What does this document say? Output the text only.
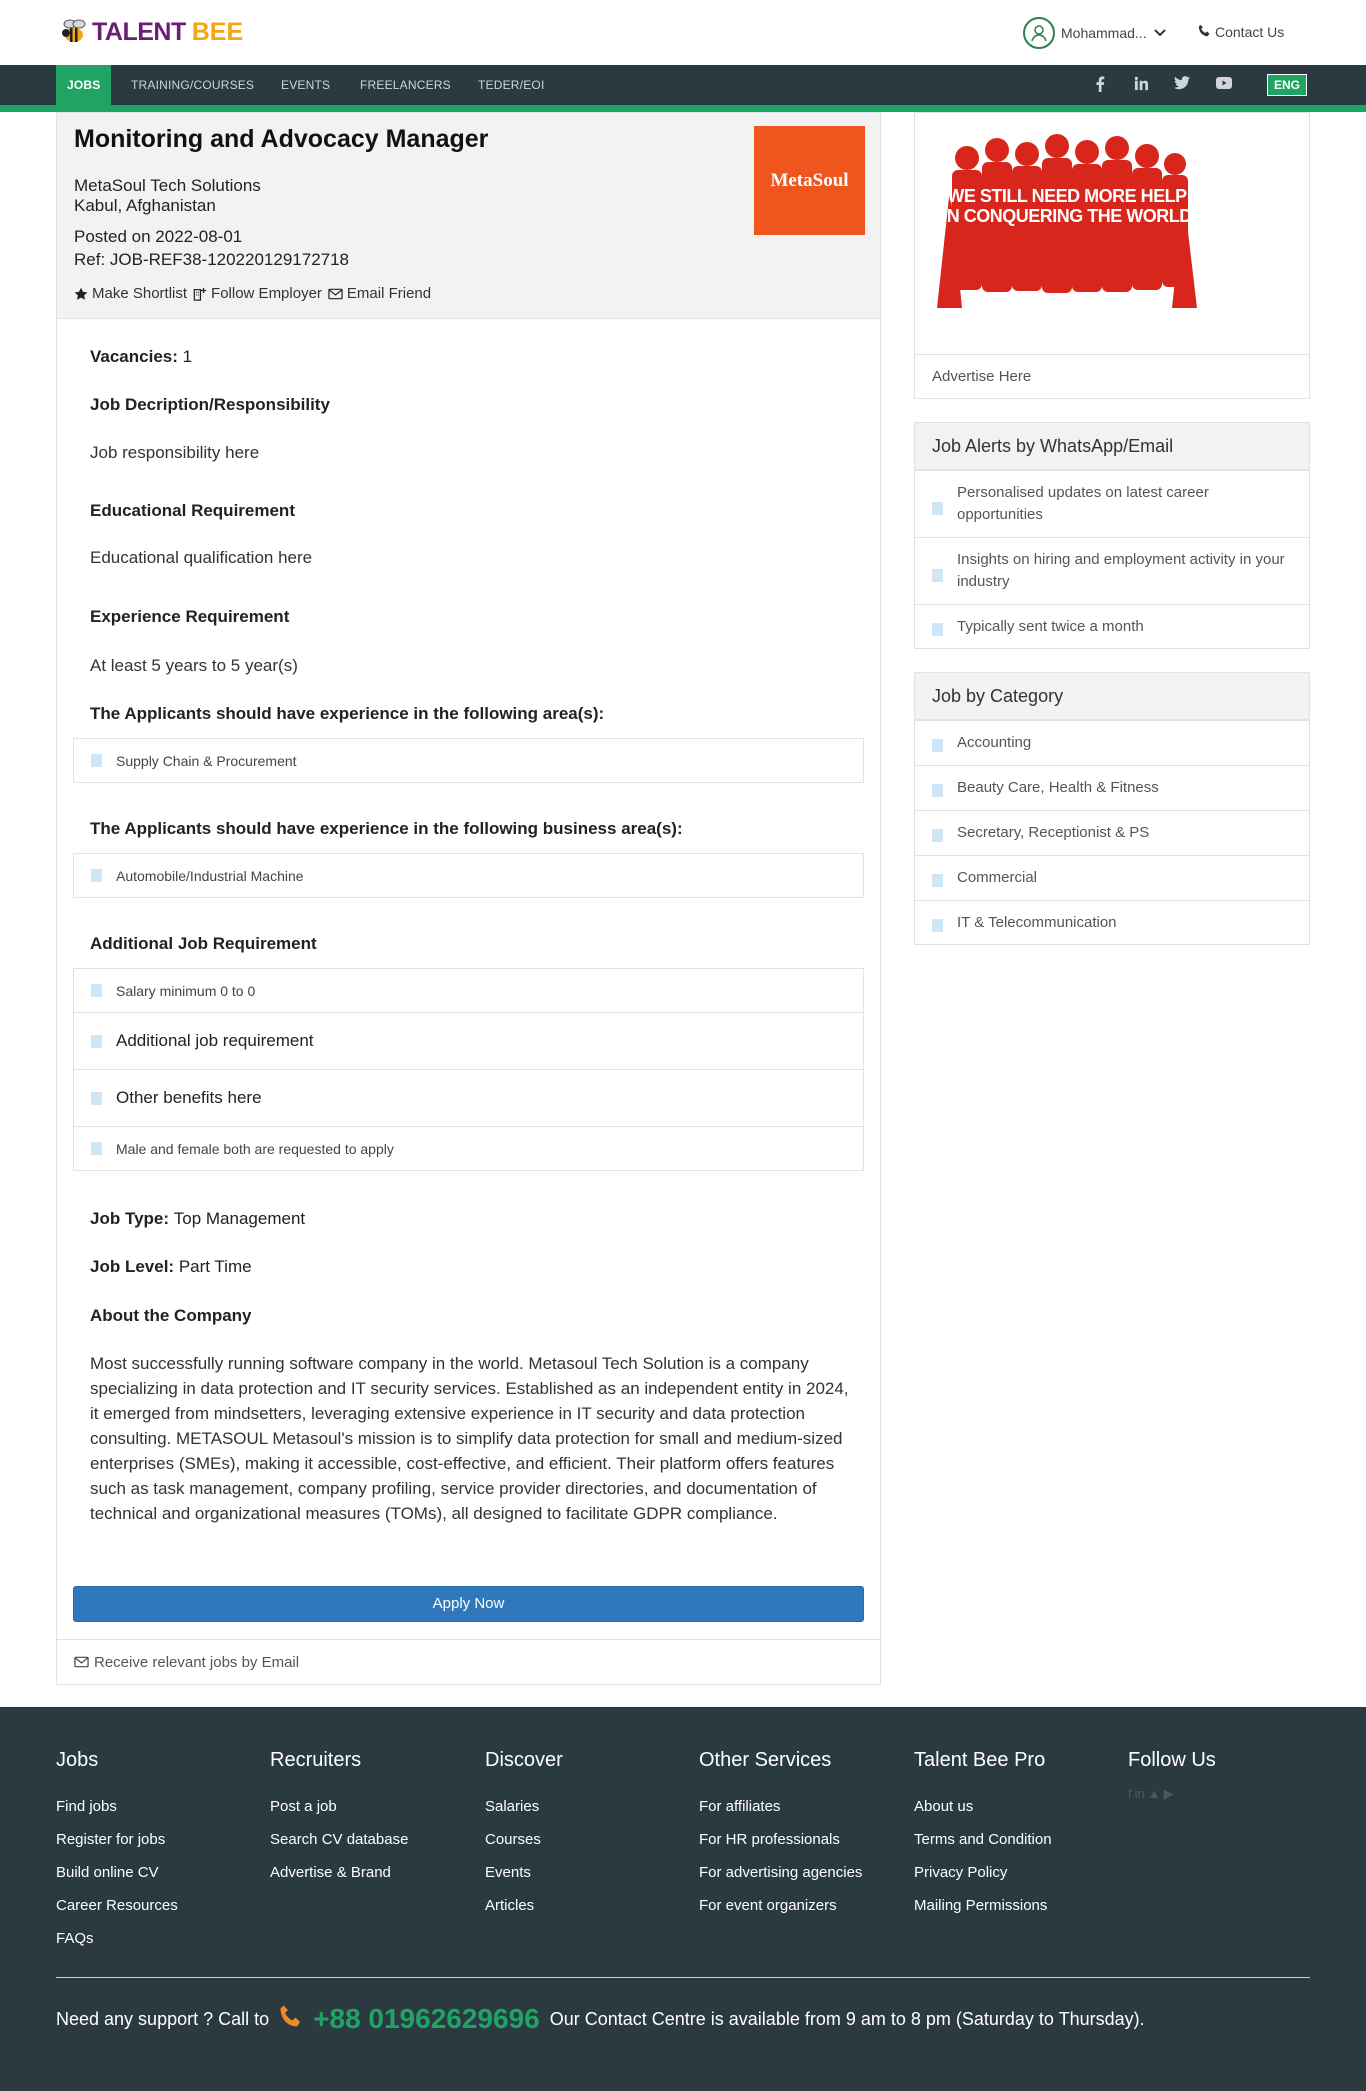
TALENT BEE	Mohammad...	Contact Us
JOBS	TRAINING/COURSES EVENTS FREELANCERS TEDER/EOI	ENG
Monitoring and Advocacy Manager
MetaSoul
MetaSoul Tech Solutions
Kabul, Afghanistan
Posted on 2022-08-01
Ref: JOB-REF38-120220129172718
Make Shortlist Follow Employer Email Friend
Vacancies: 1
Job Decription/Responsibility
Job responsibility here
Educational Requirement
Educational qualification here
Experience Requirement
At least 5 years to 5 year(s)
The Applicants should have experience in the following area(s):
Supply Chain & Procurement
The Applicants should have experience in the following business area(s):
Automobile/Industrial Machine
Additional Job Requirement
Salary minimum 0 to 0
Additional job requirement
Other benefits here
Male and female both are requested to apply
Job Type: Top Management
Job Level: Part Time
About the Company
Most successfully running software company in the world. Metasoul Tech Solution is a company specializing in data protection and IT security services. Established as an independent entity in 2024, it emerged from mindsetters, leveraging extensive experience in IT security and data protection consulting. METASOUL Metasoul's mission is to simplify data protection for small and medium-sized enterprises (SMEs), making it accessible, cost-effective, and efficient. Their platform offers features such as task management, company profiling, service provider directories, and documentation of technical and organizational measures (TOMs), all designed to facilitate GDPR compliance.
Apply Now
Receive relevant jobs by Email
WE STILL NEED MORE HELP
IN CONQUERING THE WORLD
Advertise Here
Job Alerts by WhatsApp/Email
Personalised updates on latest career opportunities
Insights on hiring and employment activity in your industry
Typically sent twice a month
Job by Category
Accounting
Beauty Care, Health & Fitness
Secretary, Receptionist & PS
Commercial
IT & Telecommunication
Jobs
Find jobs
Register for jobs
Build online CV
Career Resources
FAQs
Recruiters
Post a job
Search CV database
Advertise & Brand
Discover
Salaries
Courses
Events
Articles
Other Services
For affiliates
For HR professionals
For advertising agencies
For event organizers
Talent Bee Pro
About us
Terms and Condition
Privacy Policy
Mailing Permissions
Follow Us
f in ▲ ▶
Need any support ? Call to +88 01962629696 Our Contact Centre is available from 9 am to 8 pm (Saturday to Thursday).
